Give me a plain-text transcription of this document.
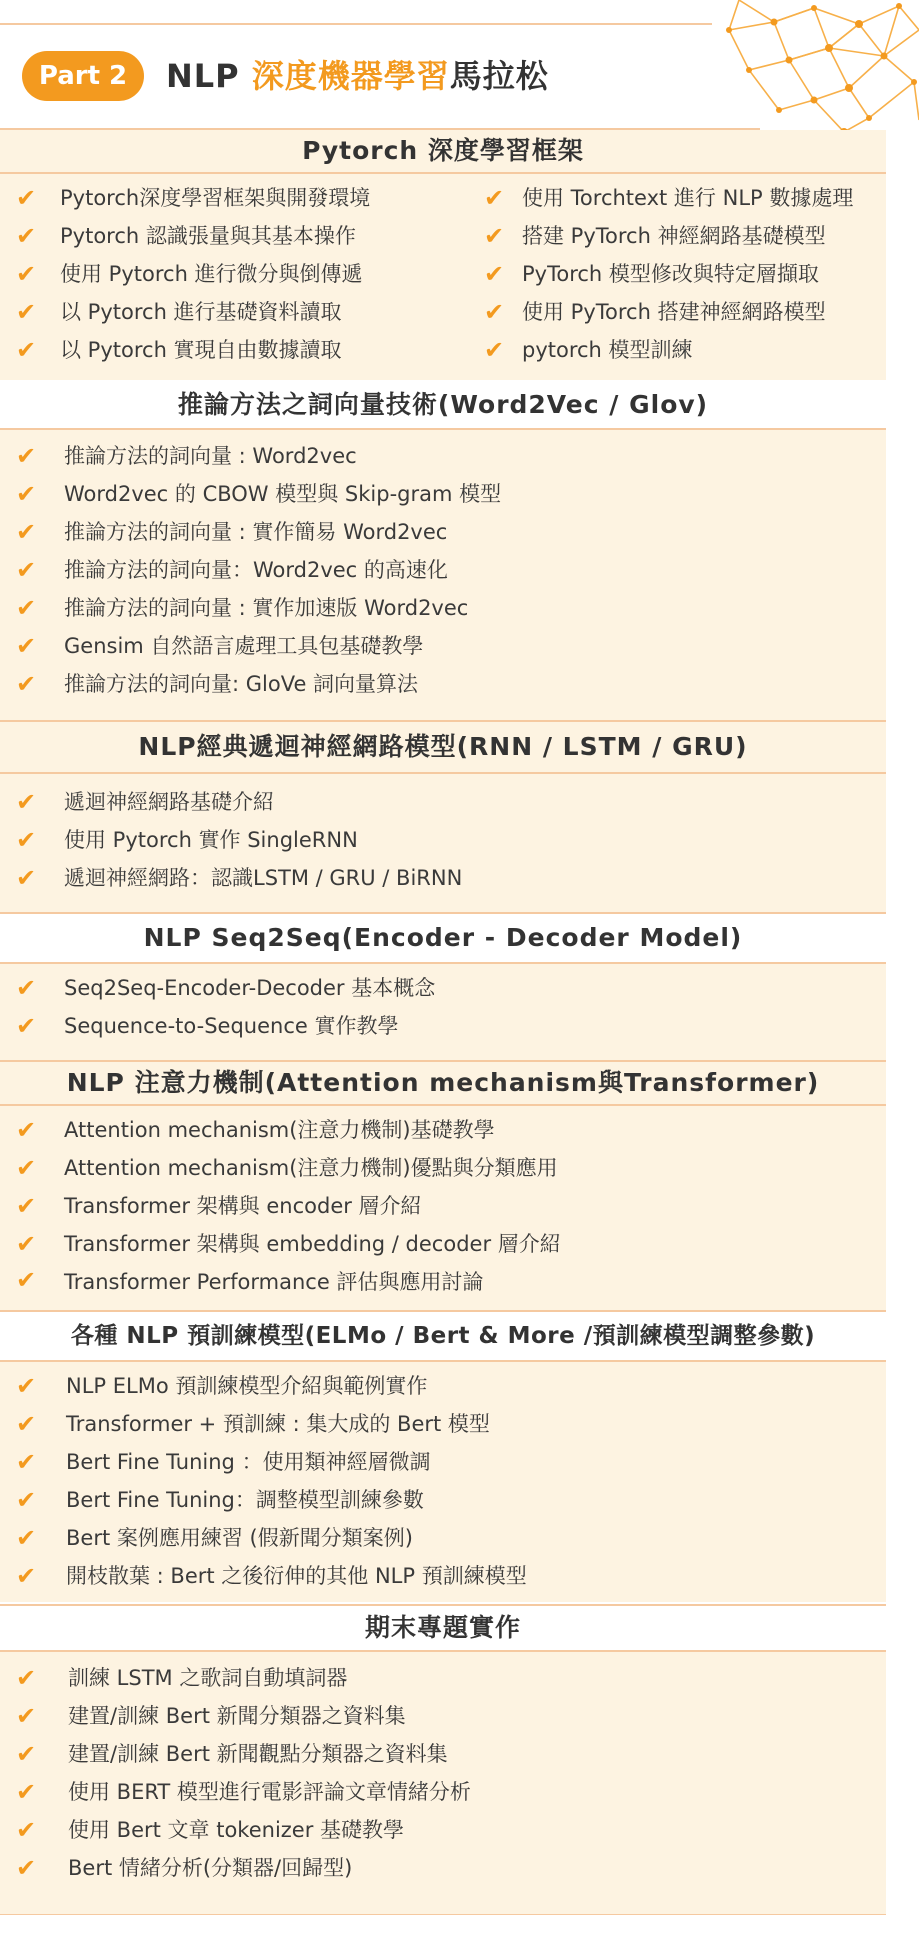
Part 2	NLP 深度機器學習馬拉松
Pytorch 深度學習框架
✔ Pytorch深度學習框架與開發環境
✔ Pytorch 認識張量與其基本操作
✔ 使用 Pytorch 進行微分與倒傳遞
✔ 以 Pytorch 進行基礎資料讀取
✔ 以 Pytorch 實現自由數據讀取
✔ 使用 Torchtext 進行 NLP 數據處理
✔ 搭建 PyTorch 神經網路基礎模型
✔ PyTorch 模型修改與特定層擷取
✔ 使用 PyTorch 搭建神經網路模型
✔ pytorch 模型訓練
推論方法之詞向量技術(Word2Vec / Glov)
✔ 推論方法的詞向量 : Word2vec
✔ Word2vec 的 CBOW 模型與 Skip-gram 模型
✔ 推論方法的詞向量 : 實作簡易 Word2vec
✔ 推論方法的詞向量：Word2vec 的高速化
✔ 推論方法的詞向量 : 實作加速版 Word2vec
✔ Gensim 自然語言處理工具包基礎教學
✔ 推論方法的詞向量: GloVe 詞向量算法
NLP經典遞迴神經網路模型(RNN / LSTM / GRU)
✔ 遞迴神經網路基礎介紹
✔ 使用 Pytorch 實作 SingleRNN
✔ 遞迴神經網路：認識LSTM / GRU / BiRNN
NLP Seq2Seq(Encoder - Decoder Model)
✔ Seq2Seq-Encoder-Decoder 基本概念
✔ Sequence-to-Sequence 實作教學
NLP 注意力機制(Attention mechanism與Transformer)
✔ Attention mechanism(注意力機制)基礎教學
✔ Attention mechanism(注意力機制)優點與分類應用
✔ Transformer 架構與 encoder 層介紹
✔ Transformer 架構與 embedding / decoder 層介紹
✔ Transformer Performance 評估與應用討論
各種 NLP 預訓練模型(ELMo / Bert & More /預訓練模型調整參數)
✔ NLP ELMo 預訓練模型介紹與範例實作
✔ Transformer + 預訓練 : 集大成的 Bert 模型
✔ Bert Fine Tuning ：使用類神經層微調
✔ Bert Fine Tuning：調整模型訓練參數
✔ Bert 案例應用練習 (假新聞分類案例)
✔ 開枝散葉 : Bert 之後衍伸的其他 NLP 預訓練模型
期末專題實作
✔ 訓練 LSTM 之歌詞自動填詞器
✔ 建置/訓練 Bert 新聞分類器之資料集
✔ 建置/訓練 Bert 新聞觀點分類器之資料集
✔ 使用 BERT 模型進行電影評論文章情緒分析
✔ 使用 Bert 文章 tokenizer 基礎教學
✔ Bert 情緒分析(分類器/回歸型)
